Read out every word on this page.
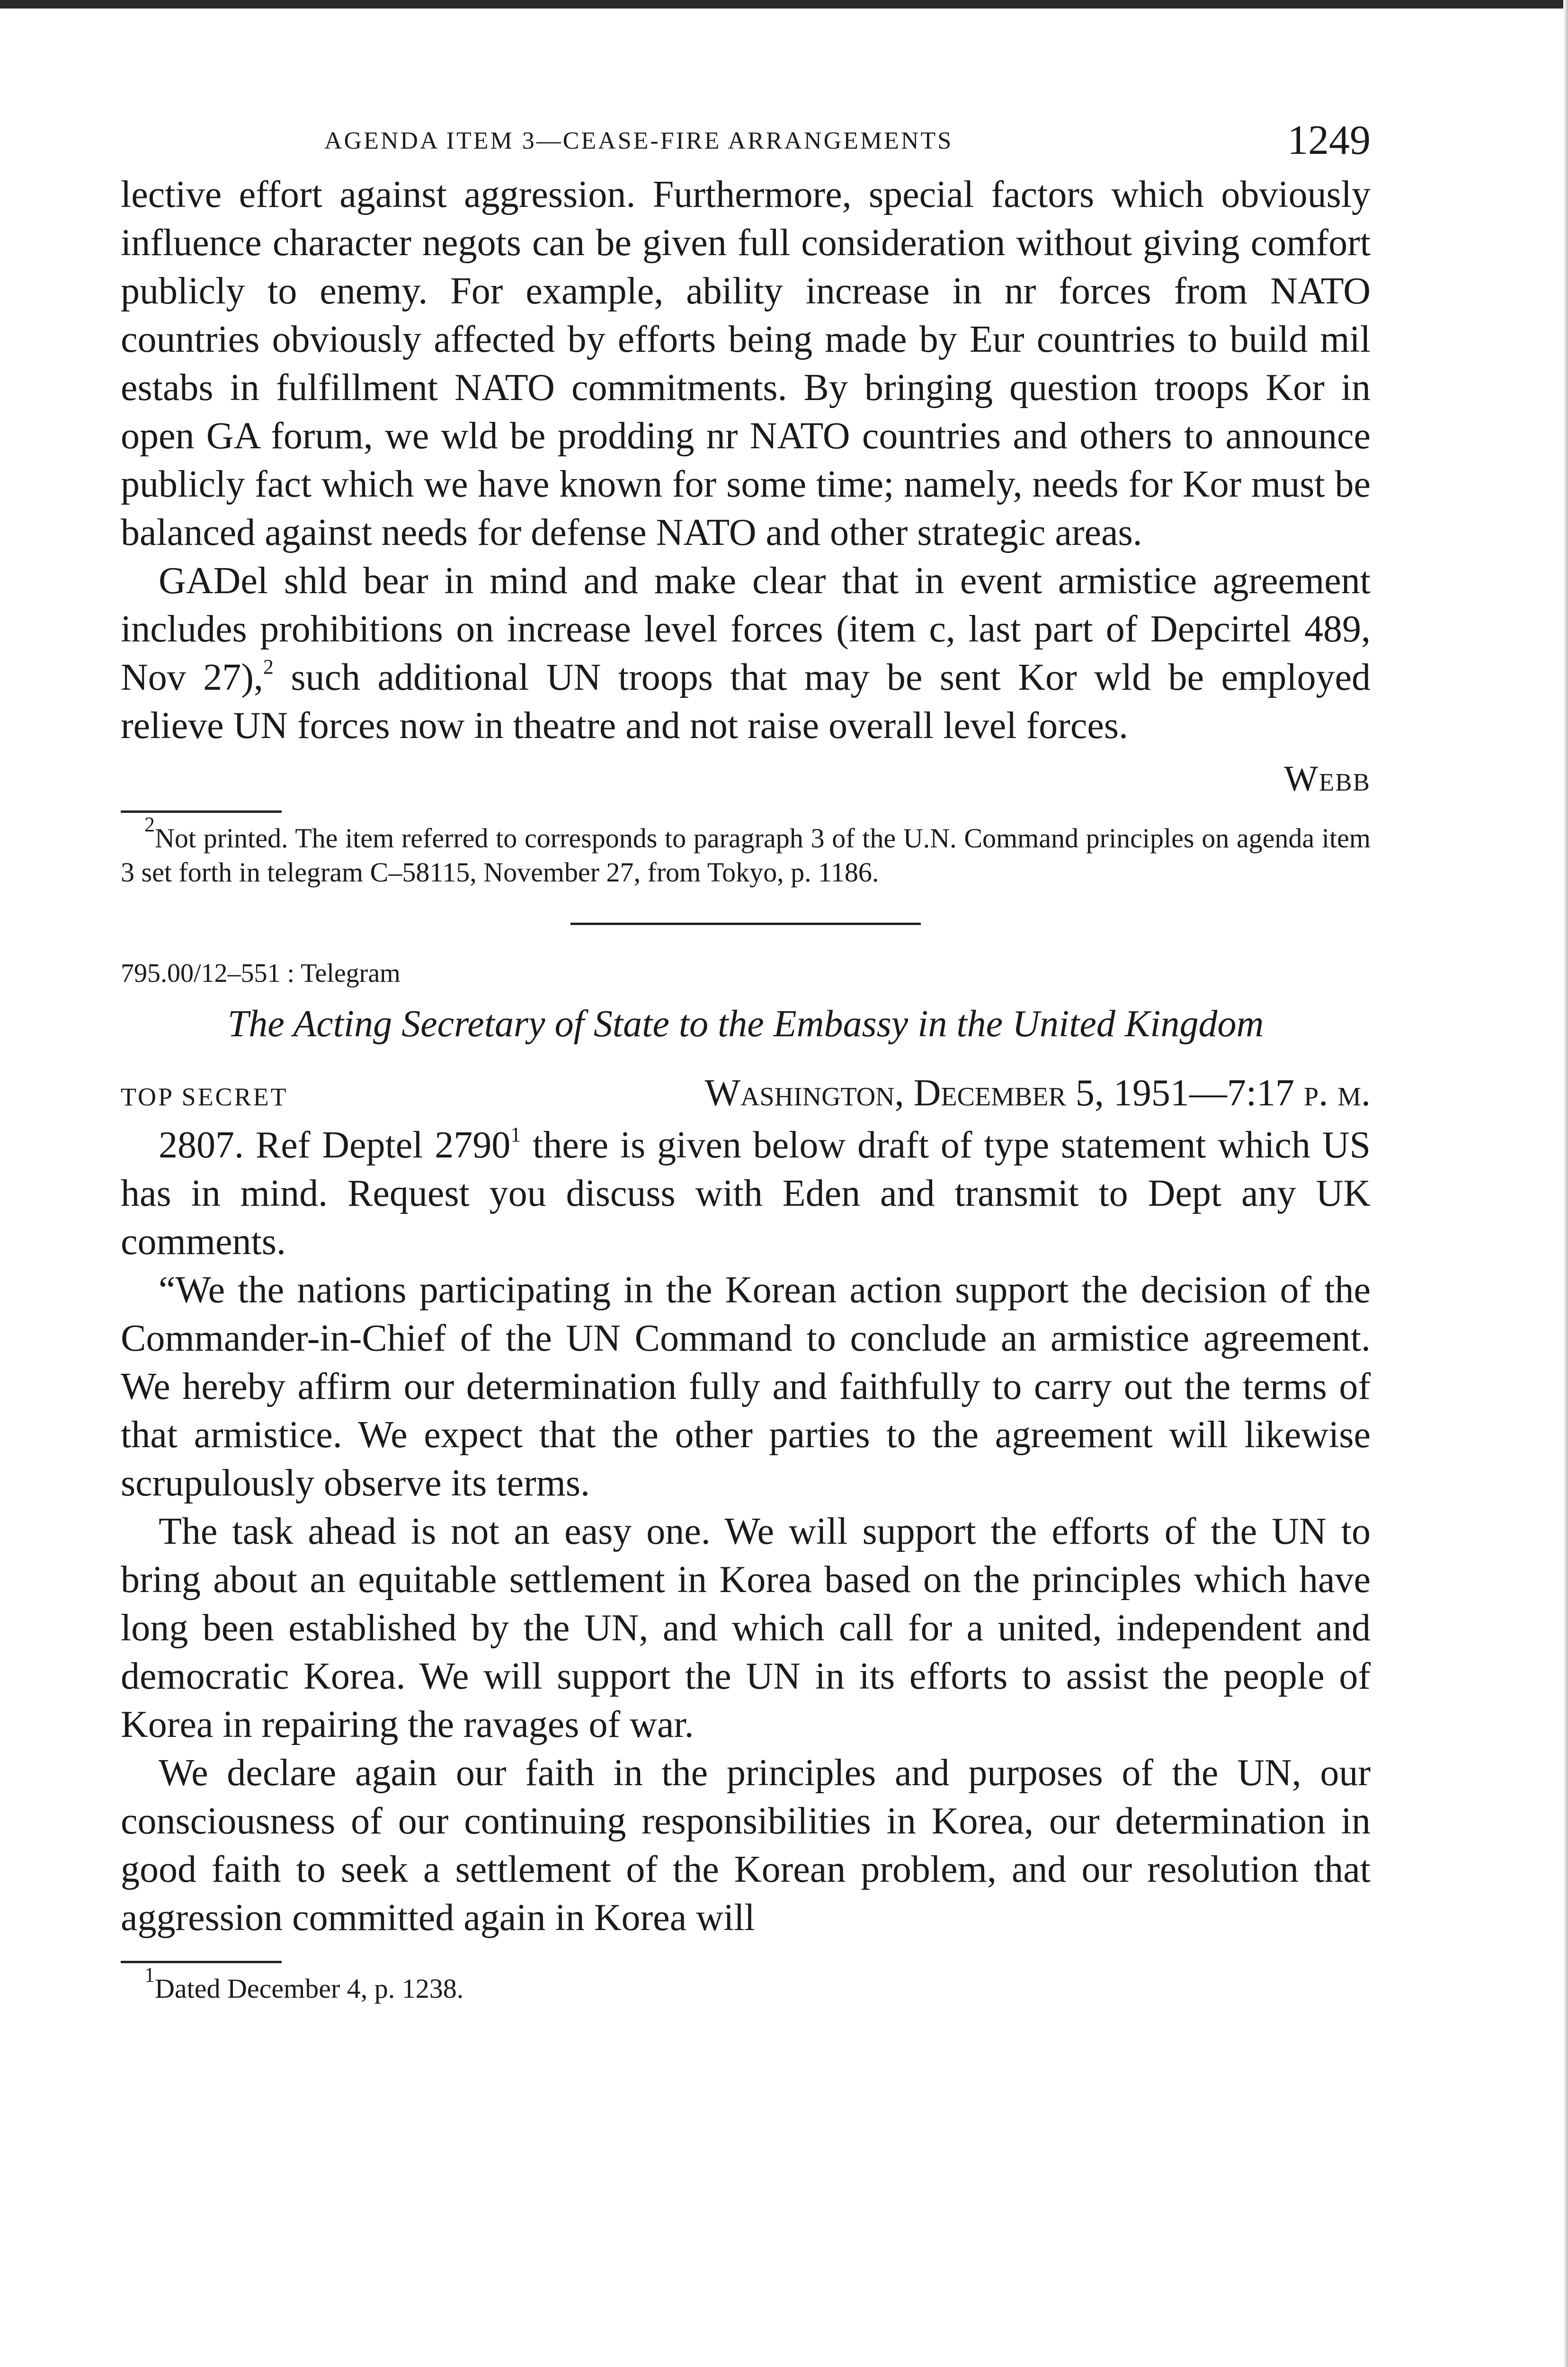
AGENDA ITEM 3—CEASE-FIRE ARRANGEMENTS	1249

lective effort against aggression. Furthermore, special factors which obviously influence character negots can be given full consideration without giving comfort publicly to enemy. For example, ability increase in nr forces from NATO countries obviously affected by efforts being made by Eur countries to build mil estabs in fulfillment NATO commitments. By bringing question troops Kor in open GA forum, we wld be prodding nr NATO countries and others to announce publicly fact which we have known for some time; namely, needs for Kor must be balanced against needs for defense NATO and other strategic areas.

GADel shld bear in mind and make clear that in event armistice agreement includes prohibitions on increase level forces (item c, last part of Depcirtel 489, Nov 27),$^2$ such additional UN troops that may be sent Kor wld be employed relieve UN forces now in theatre and not raise overall level forces.

Webb

$^2$Not printed. The item referred to corresponds to paragraph 3 of the U.N. Command principles on agenda item 3 set forth in telegram C–58115, November 27, from Tokyo, p. 1186.

795.00/12–551 : Telegram
The Acting Secretary of State to the Embassy in the United Kingdom
TOP SECRET	Washington, December 5, 1951—7:17 p. m.

2807. Ref Deptel 2790$^1$ there is given below draft of type statement which US has in mind. Request you discuss with Eden and transmit to Dept any UK comments.

“We the nations participating in the Korean action support the decision of the Commander-in-Chief of the UN Command to conclude an armistice agreement. We hereby affirm our determination fully and faithfully to carry out the terms of that armistice. We expect that the other parties to the agreement will likewise scrupulously observe its terms.

The task ahead is not an easy one. We will support the efforts of the UN to bring about an equitable settlement in Korea based on the principles which have long been established by the UN, and which call for a united, independent and democratic Korea. We will support the UN in its efforts to assist the people of Korea in repairing the ravages of war.

We declare again our faith in the principles and purposes of the UN, our consciousness of our continuing responsibilities in Korea, our determination in good faith to seek a settlement of the Korean problem, and our resolution that aggression committed again in Korea will

$^1$Dated December 4, p. 1238.
